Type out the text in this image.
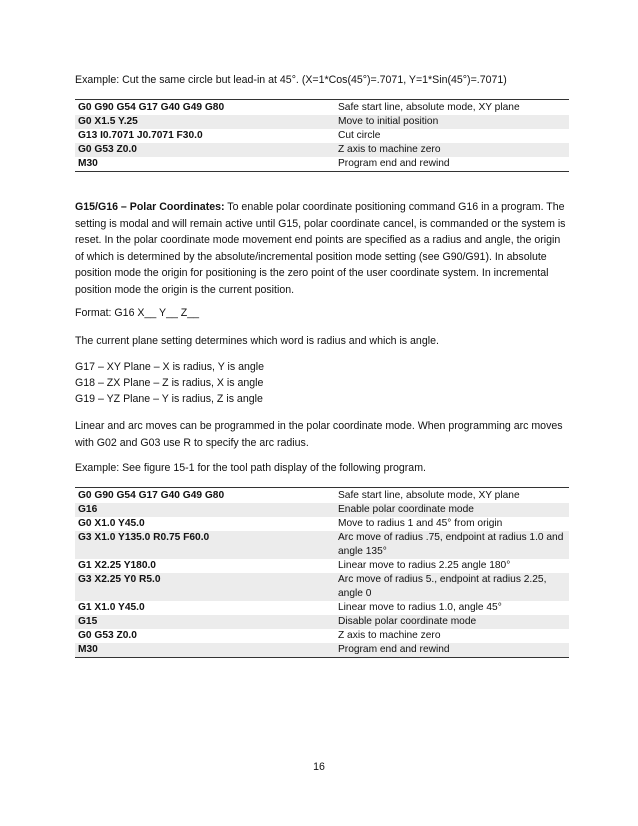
Example: Cut the same circle but lead-in at 45°. (X=1*Cos(45°)=.7071, Y=1*Sin(45°)=.7071)

G0 G90 G54 G17 G40 G49 G80	Safe start line, absolute mode, XY plane
G0 X1.5 Y.25	Move to initial position
G13 I0.7071 J0.7071 F30.0	Cut circle
G0 G53 Z0.0	Z axis to machine zero
M30	Program end and rewind

G15/G16 – Polar Coordinates: To enable polar coordinate positioning command G16 in a program. The setting is modal and will remain active until G15, polar coordinate cancel, is commanded or the system is reset. In the polar coordinate mode movement end points are specified as a radius and angle, the origin of which is determined by the absolute/incremental position mode setting (see G90/G91). In absolute position mode the origin for positioning is the zero point of the user coordinate system. In incremental position mode the origin is the current position.

Format: G16 X__ Y__ Z__

The current plane setting determines which word is radius and which is angle.

G17 – XY Plane – X is radius, Y is angle

G18 – ZX Plane – Z is radius, X is angle

G19 – YZ Plane – Y is radius, Z is angle

Linear and arc moves can be programmed in the polar coordinate mode. When programming arc moves with G02 and G03 use R to specify the arc radius.

Example: See figure 15-1 for the tool path display of the following program.

G0 G90 G54 G17 G40 G49 G80	Safe start line, absolute mode, XY plane
G16	Enable polar coordinate mode
G0 X1.0 Y45.0	Move to radius 1 and 45° from origin
G3 X1.0 Y135.0 R0.75 F60.0	Arc move of radius .75, endpoint at radius 1.0 and angle 135°
G1 X2.25 Y180.0	Linear move to radius 2.25 angle 180°
G3 X2.25 Y0 R5.0	Arc move of radius 5., endpoint at radius 2.25, angle 0
G1 X1.0 Y45.0	Linear move to radius 1.0, angle 45°
G15	Disable polar coordinate mode
G0 G53 Z0.0	Z axis to machine zero
M30	Program end and rewind
16
